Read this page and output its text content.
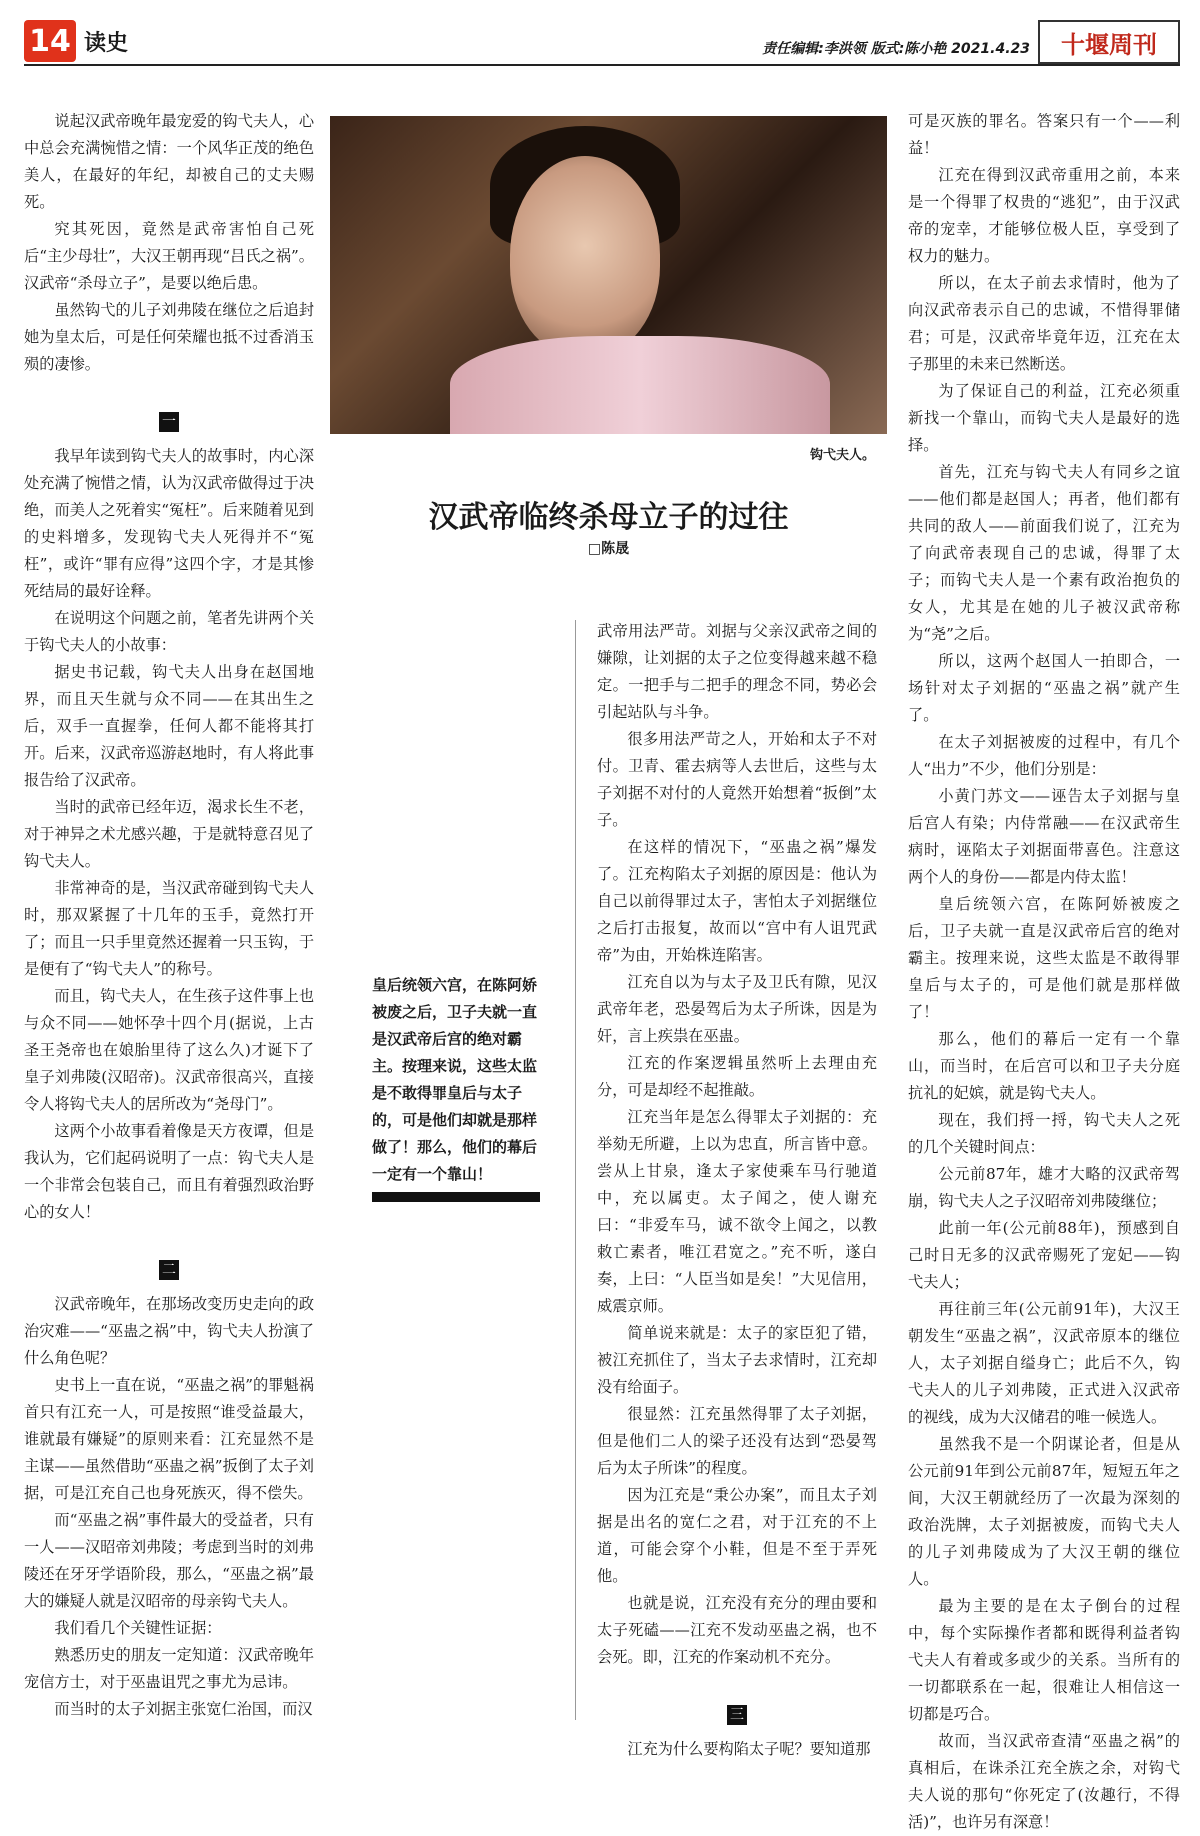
14 读史	责任编辑:李洪领 版式:陈小艳 2021.4.23	十堰周刊

说起汉武帝晚年最宠爱的钩弋夫人，心中总会充满惋惜之情：一个风华正茂的绝色美人，在最好的年纪，却被自己的丈夫赐死。

究其死因，竟然是武帝害怕自己死后“主少母壮”，大汉王朝再现“吕氏之祸”。汉武帝“杀母立子”，是要以绝后患。

虽然钩弋的儿子刘弗陵在继位之后追封她为皇太后，可是任何荣耀也抵不过香消玉殒的凄惨。

一

我早年读到钩弋夫人的故事时，内心深处充满了惋惜之情，认为汉武帝做得过于决绝，而美人之死着实“冤枉”。后来随着见到的史料增多，发现钩弋夫人死得并不“冤枉”，或许“罪有应得”这四个字，才是其惨死结局的最好诠释。

在说明这个问题之前，笔者先讲两个关于钩弋夫人的小故事：

据史书记载，钩弋夫人出身在赵国地界，而且天生就与众不同——在其出生之后，双手一直握拳，任何人都不能将其打开。后来，汉武帝巡游赵地时，有人将此事报告给了汉武帝。

当时的武帝已经年迈，渴求长生不老，对于神异之术尤感兴趣，于是就特意召见了钩弋夫人。

非常神奇的是，当汉武帝碰到钩弋夫人时，那双紧握了十几年的玉手，竟然打开了；而且一只手里竟然还握着一只玉钩，于是便有了“钩弋夫人”的称号。

而且，钩弋夫人，在生孩子这件事上也与众不同——她怀孕十四个月(据说，上古圣王尧帝也在娘胎里待了这么久)才诞下了皇子刘弗陵(汉昭帝)。汉武帝很高兴，直接令人将钩弋夫人的居所改为“尧母门”。

这两个小故事看着像是天方夜谭，但是我认为，它们起码说明了一点：钩弋夫人是一个非常会包装自己，而且有着强烈政治野心的女人！

二

汉武帝晚年，在那场改变历史走向的政治灾难——“巫蛊之祸”中，钩弋夫人扮演了什么角色呢？

史书上一直在说，“巫蛊之祸”的罪魁祸首只有江充一人，可是按照“谁受益最大，谁就最有嫌疑”的原则来看：江充显然不是主谋——虽然借助“巫蛊之祸”扳倒了太子刘据，可是江充自己也身死族灭，得不偿失。

而“巫蛊之祸”事件最大的受益者，只有一人——汉昭帝刘弗陵；考虑到当时的刘弗陵还在牙牙学语阶段，那么，“巫蛊之祸”最大的嫌疑人就是汉昭帝的母亲钩弋夫人。

我们看几个关键性证据：

熟悉历史的朋友一定知道：汉武帝晚年宠信方士，对于巫蛊诅咒之事尤为忌讳。

而当时的太子刘据主张宽仁治国，而汉

钩弋夫人。
汉武帝临终杀母立子的过往
□陈晟
皇后统领六宫，在陈阿娇被废之后，卫子夫就一直是汉武帝后宫的绝对霸主。按理来说，这些太监是不敢得罪皇后与太子的，可是他们却就是那样做了！那么，他们的幕后一定有一个靠山！

武帝用法严苛。刘据与父亲汉武帝之间的嫌隙，让刘据的太子之位变得越来越不稳定。一把手与二把手的理念不同，势必会引起站队与斗争。

很多用法严苛之人，开始和太子不对付。卫青、霍去病等人去世后，这些与太子刘据不对付的人竟然开始想着“扳倒”太子。

在这样的情况下，“巫蛊之祸”爆发了。江充构陷太子刘据的原因是：他认为自己以前得罪过太子，害怕太子刘据继位之后打击报复，故而以“宫中有人诅咒武帝”为由，开始株连陷害。

江充自以为与太子及卫氏有隙，见汉武帝年老，恐晏驾后为太子所诛，因是为奸，言上疾祟在巫蛊。

江充的作案逻辑虽然听上去理由充分，可是却经不起推敲。

江充当年是怎么得罪太子刘据的：充举劾无所避，上以为忠直，所言皆中意。尝从上甘泉，逢太子家使乘车马行驰道中，充以属吏。太子闻之，使人谢充曰：“非爱车马，诚不欲令上闻之，以教敕亡素者，唯江君宽之。”充不听，遂白奏，上曰：“人臣当如是矣！”大见信用，威震京师。

简单说来就是：太子的家臣犯了错，被江充抓住了，当太子去求情时，江充却没有给面子。

很显然：江充虽然得罪了太子刘据，但是他们二人的梁子还没有达到“恐晏驾后为太子所诛”的程度。

因为江充是“秉公办案”，而且太子刘据是出名的宽仁之君，对于江充的不上道，可能会穿个小鞋，但是不至于弄死他。

也就是说，江充没有充分的理由要和太子死磕——江充不发动巫蛊之祸，也不会死。即，江充的作案动机不充分。

三

江充为什么要构陷太子呢？要知道那

可是灭族的罪名。答案只有一个——利益！

江充在得到汉武帝重用之前，本来是一个得罪了权贵的“逃犯”，由于汉武帝的宠幸，才能够位极人臣，享受到了权力的魅力。

所以，在太子前去求情时，他为了向汉武帝表示自己的忠诚，不惜得罪储君；可是，汉武帝毕竟年迈，江充在太子那里的未来已然断送。

为了保证自己的利益，江充必须重新找一个靠山，而钩弋夫人是最好的选择。

首先，江充与钩弋夫人有同乡之谊——他们都是赵国人；再者，他们都有共同的敌人——前面我们说了，江充为了向武帝表现自己的忠诚，得罪了太子；而钩弋夫人是一个素有政治抱负的女人，尤其是在她的儿子被汉武帝称为“尧”之后。

所以，这两个赵国人一拍即合，一场针对太子刘据的“巫蛊之祸”就产生了。

在太子刘据被废的过程中，有几个人“出力”不少，他们分别是：

小黄门苏文——诬告太子刘据与皇后宫人有染；内侍常融——在汉武帝生病时，诬陷太子刘据面带喜色。注意这两个人的身份——都是内侍太监！

皇后统领六宫，在陈阿娇被废之后，卫子夫就一直是汉武帝后宫的绝对霸主。按理来说，这些太监是不敢得罪皇后与太子的，可是他们就是那样做了！

那么，他们的幕后一定有一个靠山，而当时，在后宫可以和卫子夫分庭抗礼的妃嫔，就是钩弋夫人。

现在，我们捋一捋，钩弋夫人之死的几个关键时间点：

公元前87年，雄才大略的汉武帝驾崩，钩弋夫人之子汉昭帝刘弗陵继位；

此前一年(公元前88年)，预感到自己时日无多的汉武帝赐死了宠妃——钩弋夫人；

再往前三年(公元前91年)，大汉王朝发生“巫蛊之祸”，汉武帝原本的继位人，太子刘据自缢身亡；此后不久，钩弋夫人的儿子刘弗陵，正式进入汉武帝的视线，成为大汉储君的唯一候选人。

虽然我不是一个阴谋论者，但是从公元前91年到公元前87年，短短五年之间，大汉王朝就经历了一次最为深刻的政治洗牌，太子刘据被废，而钩弋夫人的儿子刘弗陵成为了大汉王朝的继位人。

最为主要的是在太子倒台的过程中，每个实际操作者都和既得利益者钩弋夫人有着或多或少的关系。当所有的一切都联系在一起，很难让人相信这一切都是巧合。

故而，当汉武帝查清“巫蛊之祸”的真相后，在诛杀江充全族之余，对钩弋夫人说的那句“你死定了(汝趣行，不得活)”，也许另有深意！
